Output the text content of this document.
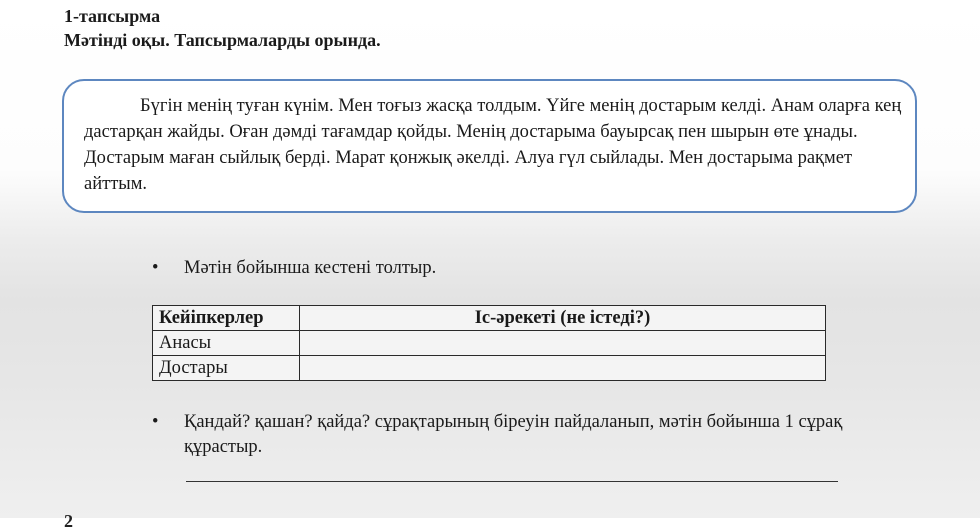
1-тапсырма
Мәтінді оқы. Тапсырмаларды орында.

Бүгін менің туған күнім. Мен тоғыз жасқа толдым. Үйге менің достарым келді. Анам оларға кең дастарқан жайды. Оған дәмді тағамдар қойды. Менің достарыма бауырсақ пен шырын өте ұнады. Достарым маған сыйлық берді. Марат қонжық әкелді. Алуа гүл сыйлады. Мен достарыма рақмет айттым.

•	Мәтін бойынша кестені толтыр.
Кейіпкерлер	Іс-әрекеті (не істеді?)
Анасы	
Достары	
•	Қандай? қашан? қайда? сұрақтарының біреуін пайдаланып, мәтін бойынша 1 сұрақ құрастыр.
2
